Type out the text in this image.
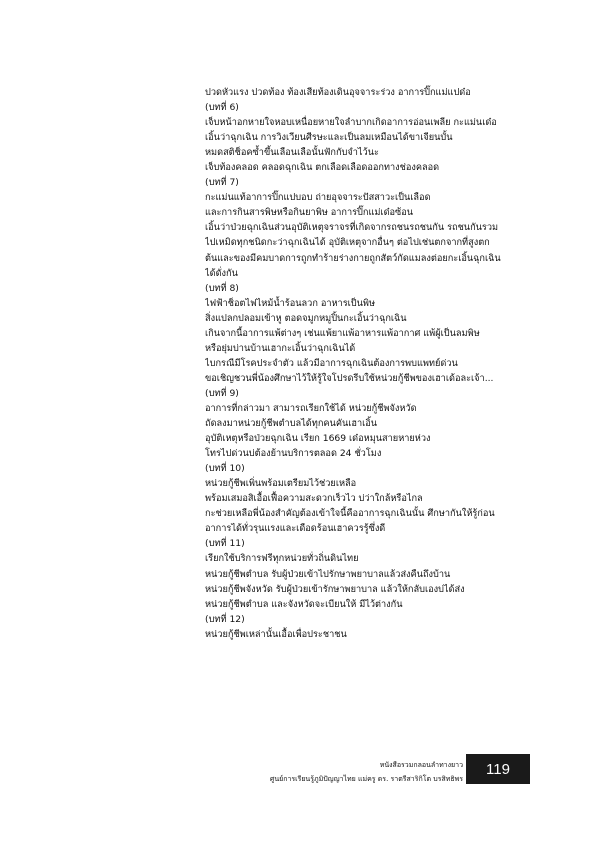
ปวดหัวแรง ปวดท้อง ท้องเสียท้องเดินอุจจาระร่วง อาการปิ๊กแม่แปด๋อ
(บทที่ 6)
เจ็บหน้าอกหายใจหอบเหนื่อยหายใจลำบากเกิดอาการอ่อนเพลีย กะแม่นเด๋อ
เอิ้นว่าฉุกเฉิน การวิงเวียนศีรษะและเป็นลมเหมือนได้ขาเจียนบั้น
หมดสติช็อคซ้ำขึ้นเลือนเลือนั้นฟักกับจำไว้นะ
เจ็บท้องคลอด คลอดฉุกเฉิน ตกเลือดเลือดออกทางช่องคลอด
(บทที่ 7)
กะแม่นแท้อาการปิ๊กแปบอบ ถ่ายอุจจาระปัสสาวะเป็นเลือด
และการกินสารพิษหรือกินยาพิษ อาการปิ๊กแม่เด๋อซ้อน
เอิ้นว่าป่วยฉุกเฉินส่วนอุบัติเหตุจราจรที่เกิดจากรถชนรถชนกัน รถชนกันรวม
ไปเหมิดทุกชนิดกะว่าฉุกเฉินได้ อุบัติเหตุจากอื่นๆ ต่อไปเช่นตกจากที่สูงตก
ต้นและของมีคมบาดการถูกทำร้ายร่างกายถูกสัตว์กัดแมลงต่อยกะเอิ้นฉุกเฉิน
ได้ดั่งกัน
(บทที่ 8)
ไฟฟ้าช็อตไฟไหม้น้ำร้อนลวก อาหารเป็นพิษ
สิ่งแปลกปลอมเข้าหู ตอดจมูกหมูปิ้นกะเอิ้นว่าฉุกเฉิน
เกินจากนี้อาการแพ้ต่างๆ เช่นแพ้ยาแพ้อาหารแพ้อากาศ แพ้ผู้เป็นลมพิษ
หรือยุ่มบ่านบ้านเฮากะเอิ้นว่าฉุกเฉินได้
ไบกรณีมีโรคประจำตัว แล้วมีอาการฉุกเฉินต้องการพบแพทย์ด่วน
ขอเชิญชวนพี่น้องศึกษาไว้ให้รู้ใจโปรดรีบใช้หน่วยกู้ชีพของเฮาเด้อละเจ้า...
(บทที่ 9)
อาการที่กล่าวมา สามารถเรียกใช้ได้ หน่วยกู้ชีพจังหวัด
ถัดลงมาหน่วยกู้ชีพตำบลได้ทุกคนคันเฮาเอิ้น
อุบัติเหตุหรือป่วยฉุกเฉิน เรียก 1669 เด๋อหมุนสายหายห่วง
โทรไปด่วนบ่ต้องย้านบริการตลอด 24 ชั่วโมง
(บทที่ 10)
หน่วยกู้ชีพเพิ่นพร้อมเตรียมไว้ช่วยเหลือ
พร้อมเสมอสิเอื้อเฟื้อความสะดวกเร็วไว บ่ว่าใกล้หรือไกล
กะช่วยเหลือพี่น้องสำคัญต้องเข้าใจนี้คืออาการฉุกเฉินนั้น ศึกษากันให้รู้ก่อน
อาการได้ทั่วรุนแรงและเดือดร้อนเฮาควรรู้ซึ่งดี
(บทที่ 11)
เรียกใช้บริการฟรีทุกหน่วยทั่วถิ่นดินไทย
หน่วยกู้ชีพตำบล รับผู้ป่วยเข้าไปรักษาพยาบาลแล้วส่งคืนถึงบ้าน
หน่วยกู้ชีพจังหวัด รับผู้ป่วยเข้ารักษาพยาบาล แล้วให้กลับเองบ่ได้ส่ง
หน่วยกู้ชีพตำบล และจังหวัดจะเบียนให้ มีไว้ต่างกัน
(บทที่ 12)
หน่วยกู้ชีพเหล่านั้นเอื้อเพื่อประชาชน
หนังสือรวมกลอนลำทางยาว
ศูนย์การเรียนรู้ภูมิปัญญาไทย แม่ครู ดร. ราตรีสาริกิโต บรสิทธิพร
119
